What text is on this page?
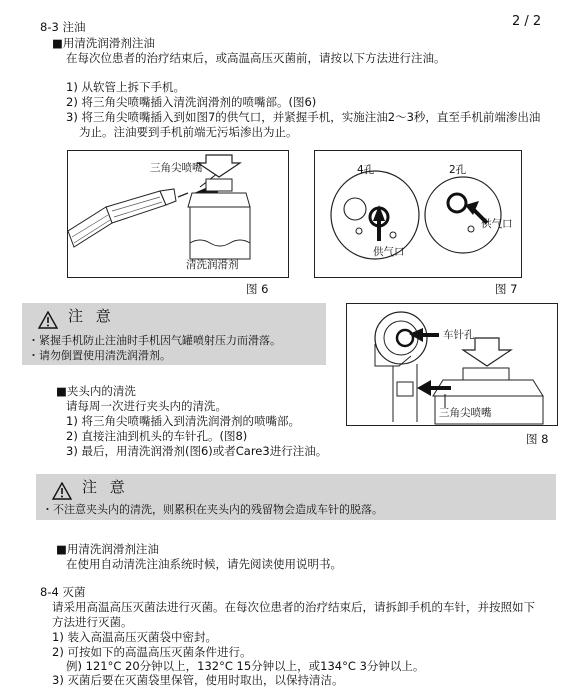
8-3 注油	2 / 2
■用清洗润滑剂注油
在每次位患者的治疗结束后，或高温高压灭菌前，请按以下方法进行注油。
1) 从软管上拆下手机。
2) 将三角尖喷嘴插入清洗润滑剂的喷嘴部。(图6)
3) 将三角尖喷嘴插入到如图7的供气口，并紧握手机，实施注油2～3秒，直至手机前端渗出油
为止。注油要到手机前端无污垢渗出为止。
三角尖喷嘴
清洗润滑剂
图 6
4孔	2孔
供气口
供气口
图 7
注 意
・紧握手机防止注油时手机因气罐喷射压力而滑落。
・请勿倒置使用清洗润滑剂。
车针孔
三角尖喷嘴
图 8
■夹头内的清洗
请每周一次进行夹头内的清洗。
1) 将三角尖喷嘴插入到清洗润滑剂的喷嘴部。
2) 直接注油到机头的车针孔。(图8)
3) 最后，用清洗润滑剂(图6)或者Care3进行注油。
注 意
・不注意夹头内的清洗，则累积在夹头内的残留物会造成车针的脱落。
■用清洗润滑剂注油
在使用自动清洗注油系统时候，请先阅读使用说明书。
8-4 灭菌
请采用高温高压灭菌法进行灭菌。在每次位患者的治疗结束后，请拆卸手机的车针，并按照如下
方法进行灭菌。
1) 装入高温高压灭菌袋中密封。
2) 可按如下的高温高压灭菌条件进行。
例) 121°C 20分钟以上，132°C 15分钟以上，或134°C 3分钟以上。
3) 灭菌后要在灭菌袋里保管，使用时取出，以保持清洁。
